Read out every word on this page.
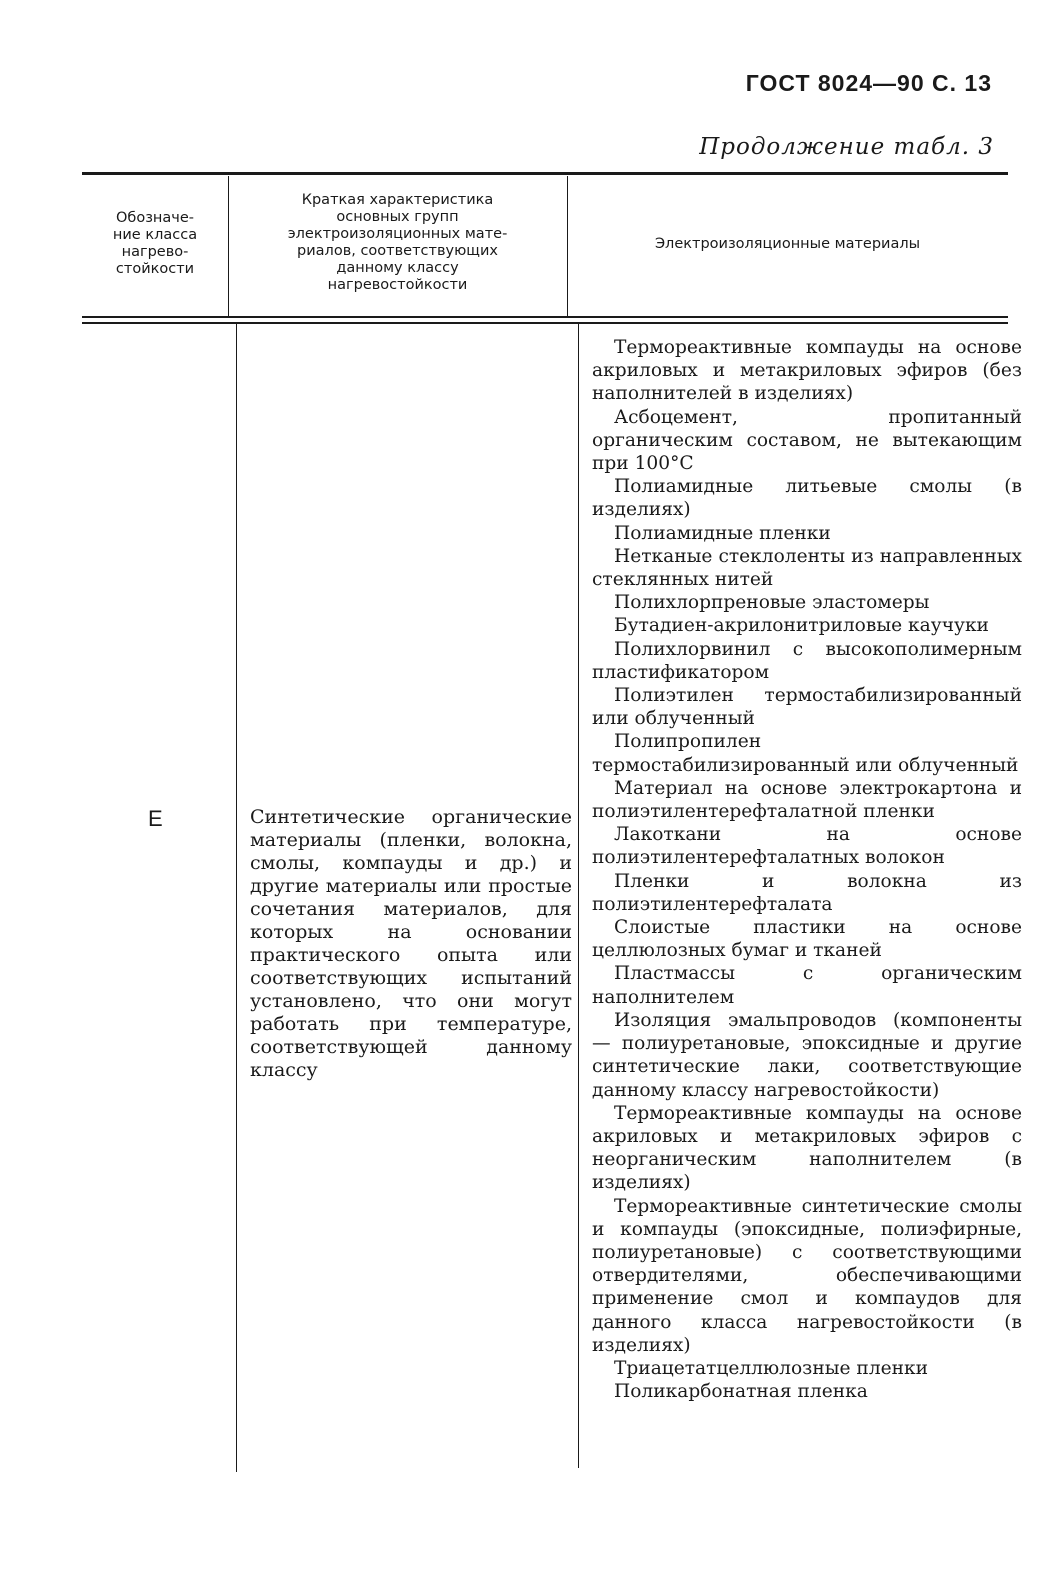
ГОСТ 8024—90 С. 13
Продолжение табл. 3
Обозначе-
ние класса
нагрево-
стойкости
Краткая характеристика
основных групп
электроизоляционных мате-
риалов, соответствующих
данному классу
нагревостойкости
Электроизоляционные материалы
E	Синтетические органические материалы (пленки, волокна, смолы, компауды и др.) и другие материалы или простые сочетания материалов, для которых на основании практического опыта или соответствующих испытаний установлено, что они могут работать при температуре, соответствующей данному классу

Термореактивные компауды на основе акриловых и метакриловых эфиров (без наполнителей в изделиях)

Асбоцемент, пропитанный органическим составом, не вытекающим при 100°С

Полиамидные литьевые смолы (в изделиях)

Полиамидные пленки

Нетканые стеклоленты из направленных стеклянных нитей

Полихлорпреновые эластомеры

Бутадиен-акрилонитриловые каучуки

Полихлорвинил с высокополимерным пластификатором

Полиэтилен термостабилизированный или облученный

Полипропилен термостабилизированный или облученный

Материал на основе электрокартона и полиэтилентерефталатной пленки

Лакоткани на основе полиэтилентерефталатных волокон

Пленки и волокна из полиэтилентерефталата

Слоистые пластики на основе целлюлозных бумаг и тканей

Пластмассы с органическим наполнителем

Изоляция эмальпроводов (компоненты — полиуретановые, эпоксидные и другие синтетические лаки, соответствующие данному классу нагревостойкости)

Термореактивные компауды на основе акриловых и метакриловых эфиров с неорганическим наполнителем (в изделиях)

Термореактивные синтетические смолы и компауды (эпоксидные, полиэфирные, полиуретановые) с соответствующими отвердителями, обеспечивающими применение смол и компаудов для данного класса нагревостойкости (в изделиях)

Триацетатцеллюлозные пленки

Поликарбонатная пленка
